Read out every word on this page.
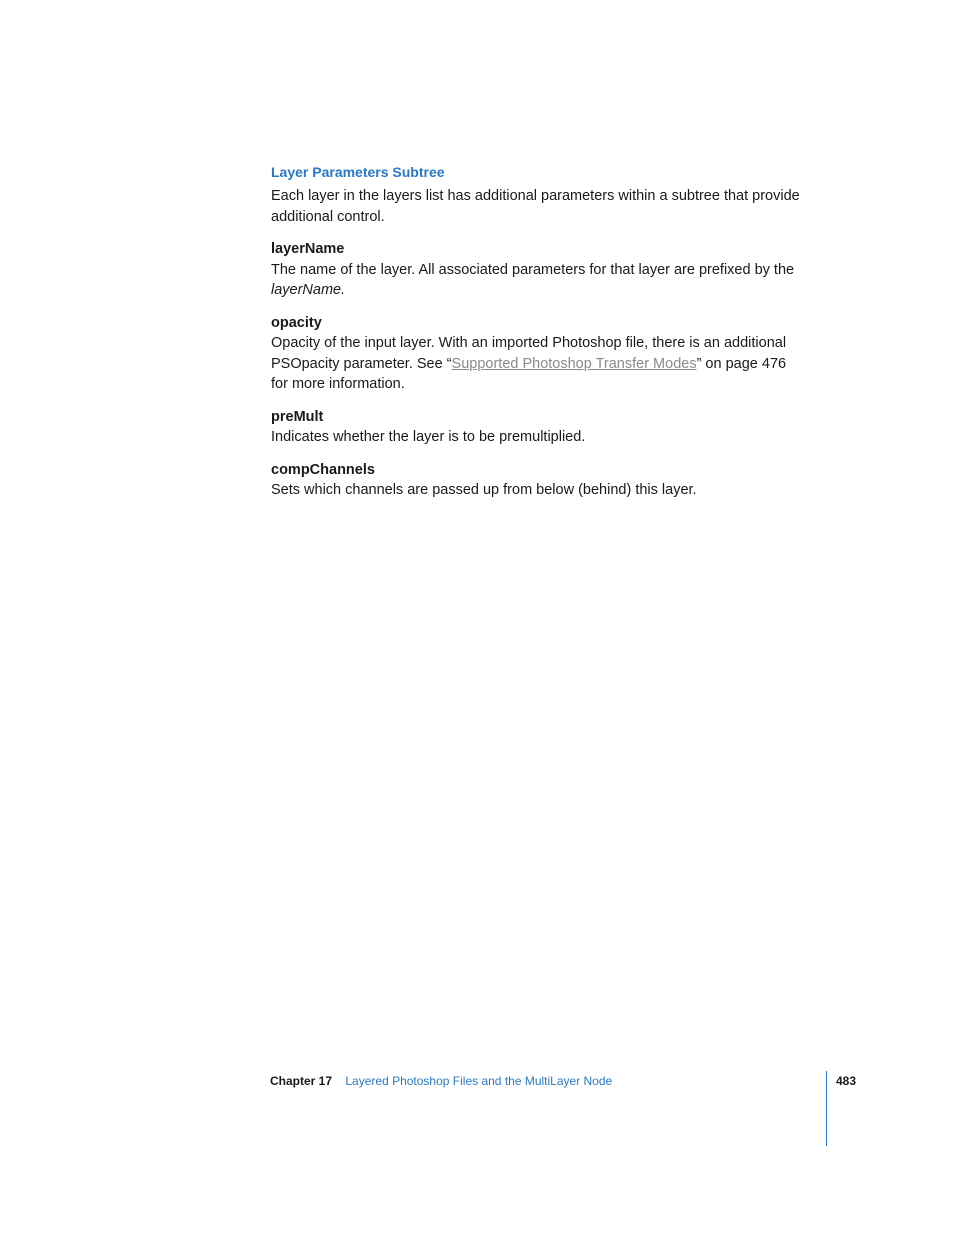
Layer Parameters Subtree

Each layer in the layers list has additional parameters within a subtree that provide additional control.

layerName

The name of the layer. All associated parameters for that layer are prefixed by the layerName.

opacity

Opacity of the input layer. With an imported Photoshop file, there is an additional PSOpacity parameter. See “Supported Photoshop Transfer Modes” on page 476 for more information.

preMult

Indicates whether the layer is to be premultiplied.

compChannels

Sets which channels are passed up from below (behind) this layer.

Chapter 17 Layered Photoshop Files and the MultiLayer Node	483
